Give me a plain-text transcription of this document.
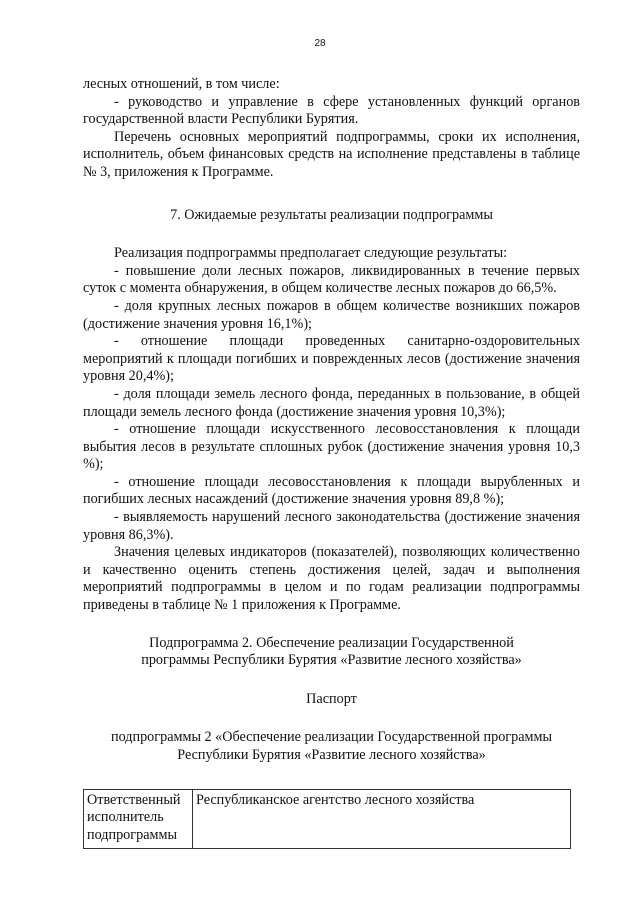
28

лесных отношений, в том числе:

- руководство и управление в сфере установленных функций органов государственной власти Республики Бурятия.

Перечень основных мероприятий подпрограммы, сроки их исполнения, исполнитель, объем финансовых средств на исполнение представлены в таблице № 3, приложения к Программе.

7. Ожидаемые результаты реализации подпрограммы

Реализация подпрограммы предполагает следующие результаты:

- повышение доли лесных пожаров, ликвидированных в течение первых суток с момента обнаружения, в общем количестве лесных пожаров до 66,5%.

- доля крупных лесных пожаров в общем количестве возникших пожаров (достижение значения уровня 16,1%);

- отношение площади проведенных санитарно-оздоровительных мероприятий к площади погибших и поврежденных лесов (достижение значения уровня 20,4%);

- доля площади земель лесного фонда, переданных в пользование, в общей площади земель лесного фонда (достижение значения уровня 10,3%);

- отношение площади искусственного лесовосстановления к площади выбытия лесов в результате сплошных рубок (достижение значения уровня 10,3 %);

- отношение площади лесовосстановления к площади вырубленных и погибших лесных насаждений (достижение значения уровня 89,8 %);

- выявляемость нарушений лесного законодательства (достижение значения уровня 86,3%).

Значения целевых индикаторов (показателей), позволяющих количественно и качественно оценить степень достижения целей, задач и выполнения мероприятий подпрограммы в целом и по годам реализации подпрограммы приведены в таблице № 1 приложения к Программе.

Подпрограмма 2. Обеспечение реализации Государственной

программы Республики Бурятия «Развитие лесного хозяйства»

Паспорт

подпрограммы 2 «Обеспечение реализации Государственной программы

Республики Бурятия «Развитие лесного хозяйства»

Ответственный исполнитель подпрограммы	Республиканское агентство лесного хозяйства
